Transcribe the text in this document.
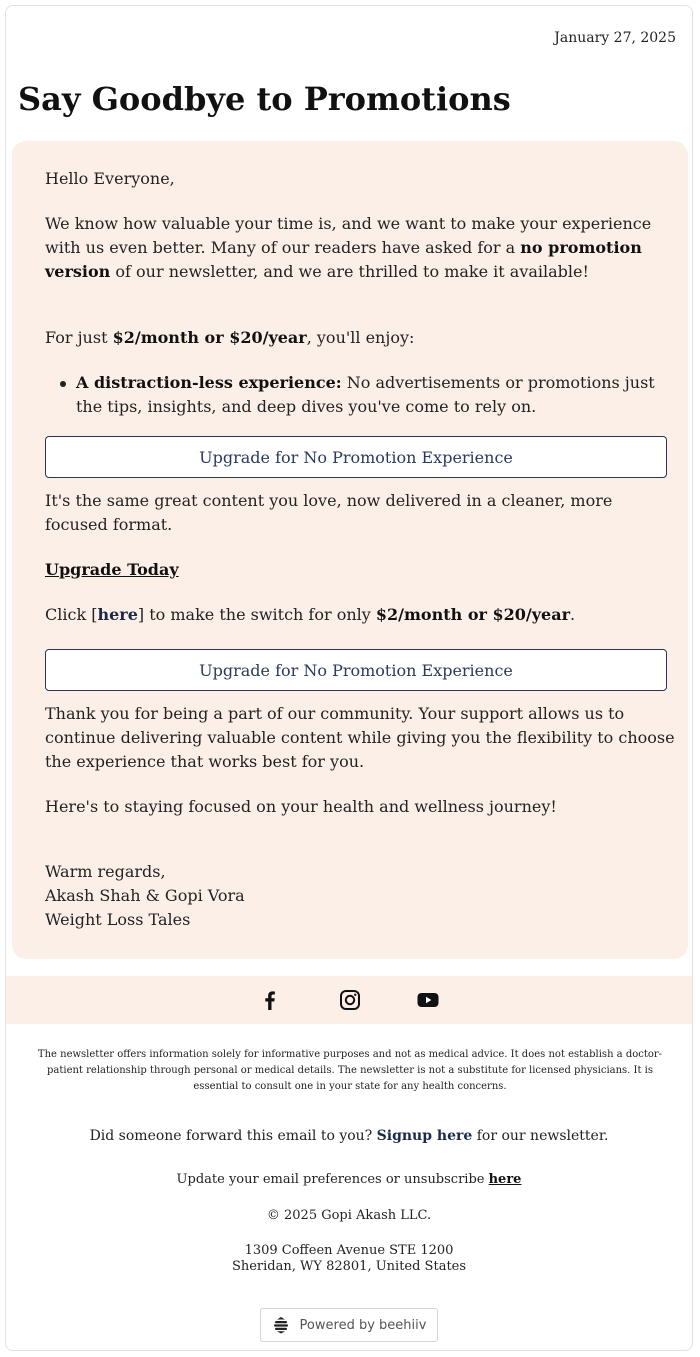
January 27, 2025
Say Goodbye to Promotions
Hello Everyone,
We know how valuable your time is, and we want to make your experience with us even better. Many of our readers have asked for a no promotion version of our newsletter, and we are thrilled to make it available!
For just $2/month or $20/year, you'll enjoy:
A distraction-less experience: No advertisements or promotions just the tips, insights, and deep dives you've come to rely on.
Upgrade for No Promotion Experience
It's the same great content you love, now delivered in a cleaner, more focused format.
Upgrade Today
Click [here] to make the switch for only $2/month or $20/year.
Upgrade for No Promotion Experience
Thank you for being a part of our community. Your support allows us to continue delivering valuable content while giving you the flexibility to choose the experience that works best for you.
Here's to staying focused on your health and wellness journey!
Warm regards,
Akash Shah & Gopi Vora
Weight Loss Tales
The newsletter offers information solely for informative purposes and not as medical advice. It does not establish a doctor-patient relationship through personal or medical details. The newsletter is not a substitute for licensed physicians. It is essential to consult one in your state for any health concerns.
Did someone forward this email to you? Signup here for our newsletter.
Update your email preferences or unsubscribe here
© 2025 Gopi Akash LLC.
1309 Coffeen Avenue STE 1200
Sheridan, WY 82801, United States
Powered by beehiiv
